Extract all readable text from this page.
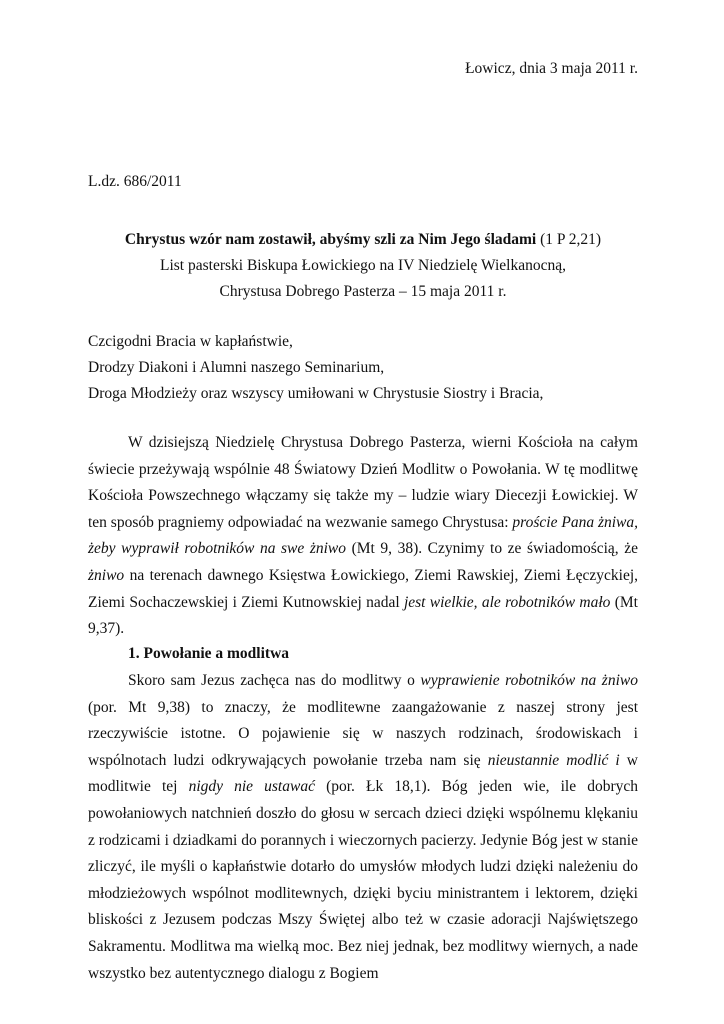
Łowicz, dnia 3 maja 2011 r.
L.dz. 686/2011
Chrystus wzór nam zostawił, abyśmy szli za Nim Jego śladami (1 P 2,21)
List pasterski Biskupa Łowickiego na IV Niedzielę Wielkanocną,
Chrystusa Dobrego Pasterza – 15 maja 2011 r.
Czcigodni Bracia w kapłaństwie,
Drodzy Diakoni i Alumni naszego Seminarium,
Droga Młodzieży oraz wszyscy umiłowani w Chrystusie Siostry i Bracia,
W dzisiejszą Niedzielę Chrystusa Dobrego Pasterza, wierni Kościoła na całym świecie przeżywają wspólnie 48 Światowy Dzień Modlitw o Powołania. W tę modlitwę Kościoła Powszechnego włączamy się także my – ludzie wiary Diecezji Łowickiej. W ten sposób pragniemy odpowiadać na wezwanie samego Chrystusa: proście Pana żniwa, żeby wyprawił robotników na swe żniwo (Mt 9, 38). Czynimy to ze świadomością, że żniwo na terenach dawnego Księstwa Łowickiego, Ziemi Rawskiej, Ziemi Łęczyckiej, Ziemi Sochaczewskiej i Ziemi Kutnowskiej nadal jest wielkie, ale robotników mało (Mt 9,37).
1. Powołanie a modlitwa
Skoro sam Jezus zachęca nas do modlitwy o wyprawienie robotników na żniwo (por. Mt 9,38) to znaczy, że modlitewne zaangażowanie z naszej strony jest rzeczywiście istotne. O pojawienie się w naszych rodzinach, środowiskach i wspólnotach ludzi odkrywających powołanie trzeba nam się nieustannie modlić i w modlitwie tej nigdy nie ustawać (por. Łk 18,1). Bóg jeden wie, ile dobrych powołaniowych natchnień doszło do głosu w sercach dzieci dzięki wspólnemu klękaniu z rodzicami i dziadkami do porannych i wieczornych pacierzy. Jedynie Bóg jest w stanie zliczyć, ile myśli o kapłaństwie dotarło do umysłów młodych ludzi dzięki należeniu do młodzieżowych wspólnot modlitewnych, dzięki byciu ministrantem i lektorem, dzięki bliskości z Jezusem podczas Mszy Świętej albo też w czasie adoracji Najświętszego Sakramentu. Modlitwa ma wielką moc. Bez niej jednak, bez modlitwy wiernych, a nade wszystko bez autentycznego dialogu z Bogiem
